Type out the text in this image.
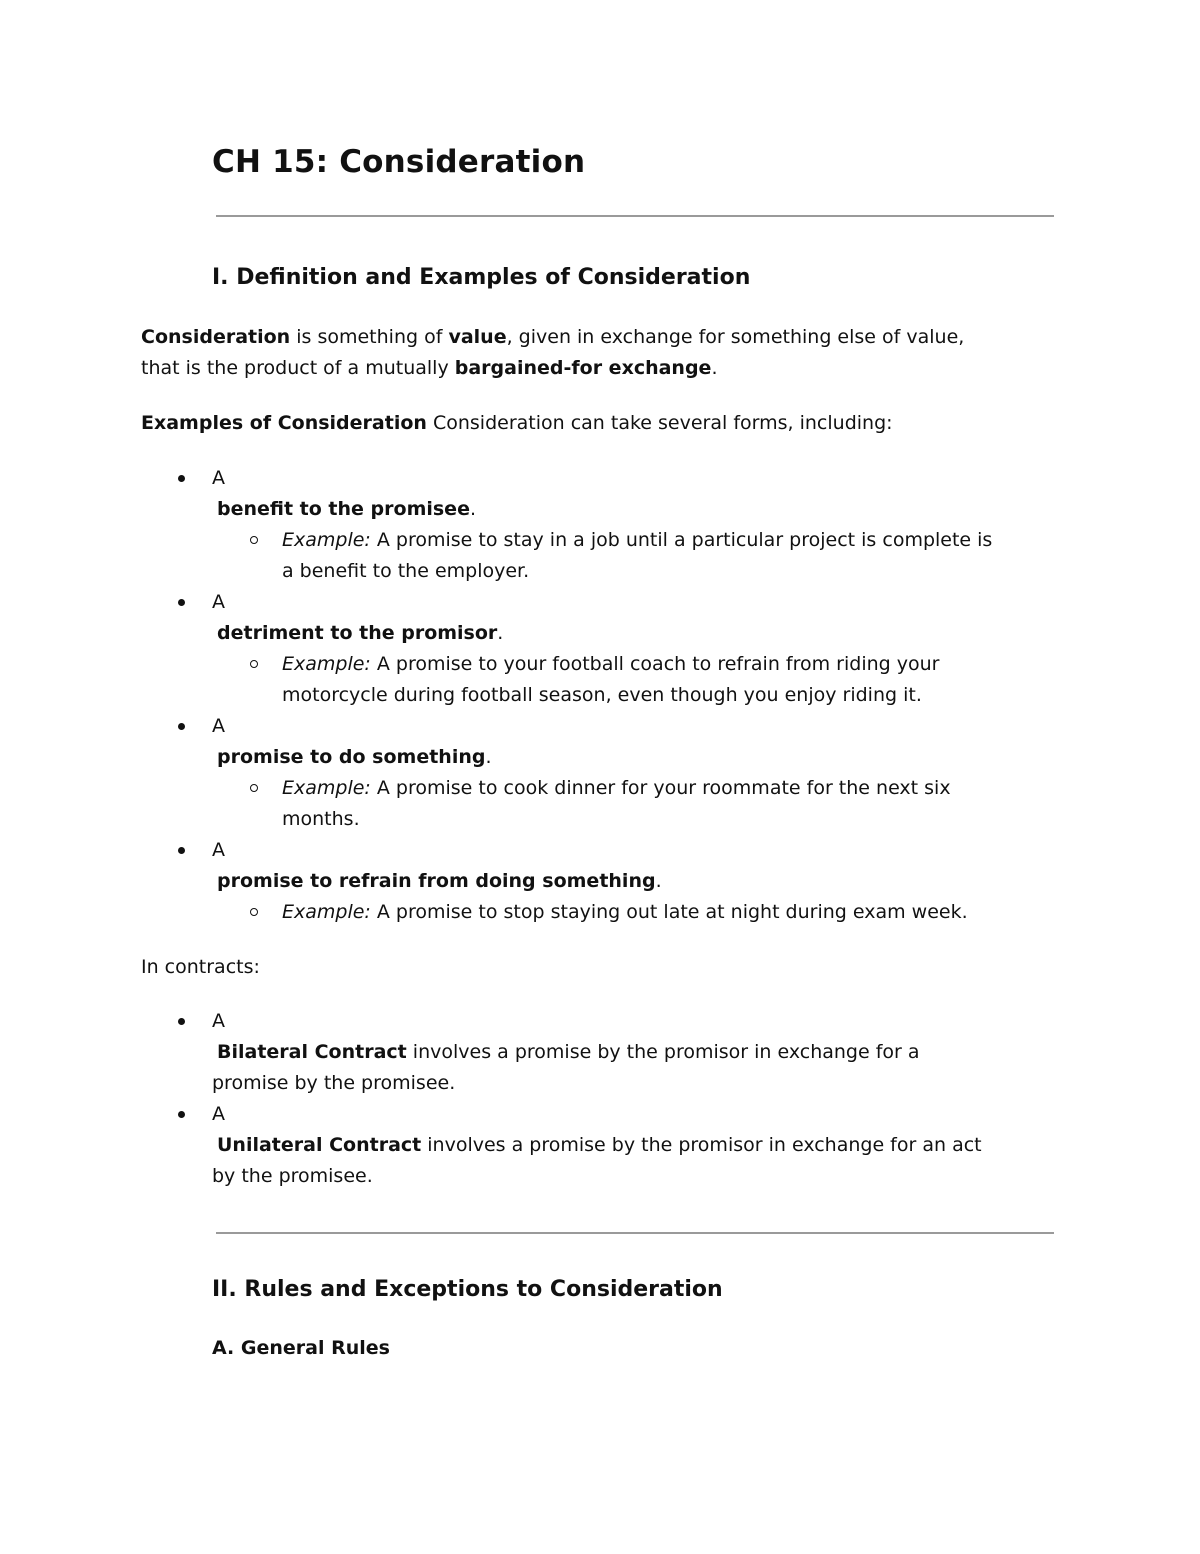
CH 15: Consideration
I. Definition and Examples of Consideration
Consideration is something of value, given in exchange for something else of value,
that is the product of a mutually bargained-for exchange.
Examples of Consideration Consideration can take several forms, including:
A
benefit to the promisee.
Example: A promise to stay in a job until a particular project is complete is
a benefit to the employer.
A
detriment to the promisor.
Example: A promise to your football coach to refrain from riding your
motorcycle during football season, even though you enjoy riding it.
A
promise to do something.
Example: A promise to cook dinner for your roommate for the next six
months.
A
promise to refrain from doing something.
Example: A promise to stop staying out late at night during exam week.
In contracts:
A
Bilateral Contract involves a promise by the promisor in exchange for a
promise by the promisee.
A
Unilateral Contract involves a promise by the promisor in exchange for an act
by the promisee.
II. Rules and Exceptions to Consideration
A. General Rules
